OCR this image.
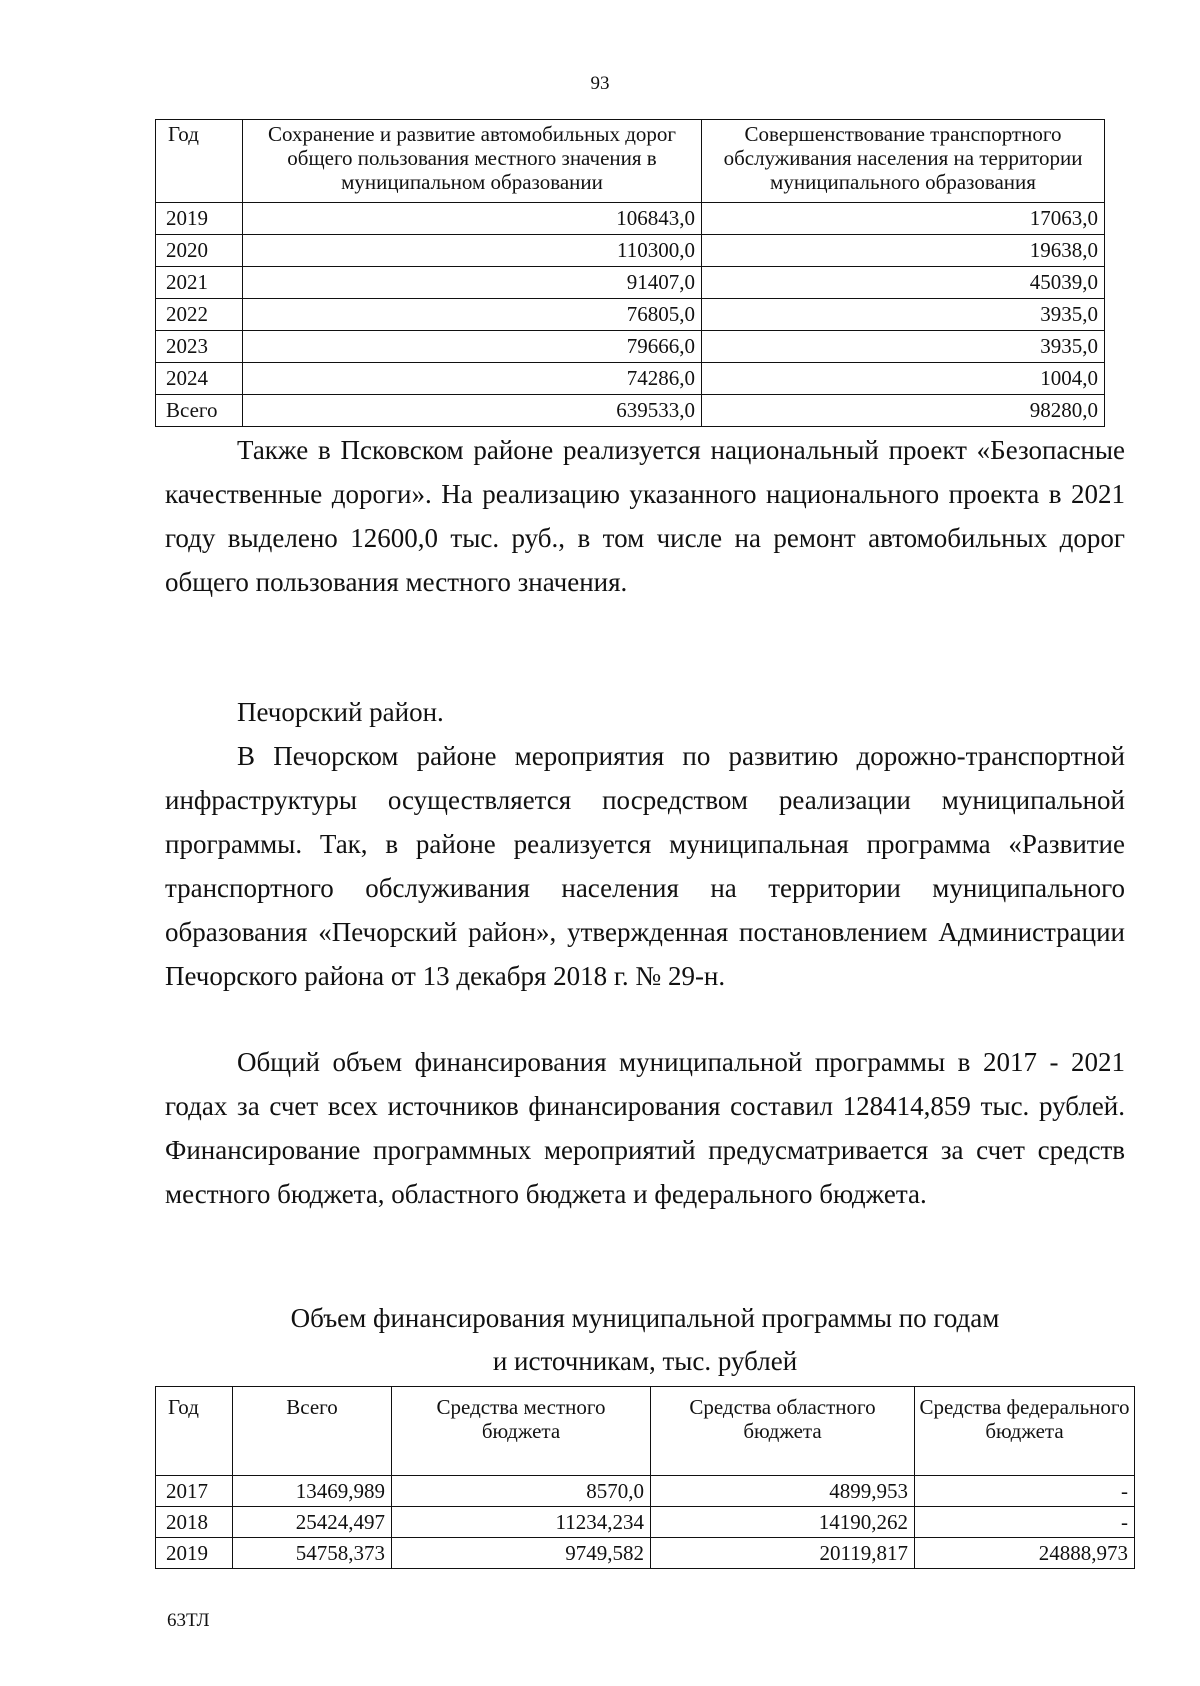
93
Год	Сохранение и развитие автомобильных дорог общего пользования местного значения в муниципальном образовании	Совершенствование транспортного обслуживания населения на территории муниципального образования
2019	106843,0	17063,0
2020	110300,0	19638,0
2021	91407,0	45039,0
2022	76805,0	3935,0
2023	79666,0	3935,0
2024	74286,0	1004,0
Всего	639533,0	98280,0
Также в Псковском районе реализуется национальный проект «Безопасные качественные дороги». На реализацию указанного национального проекта в 2021 году выделено 12600,0 тыс. руб., в том числе на ремонт автомобильных дорог общего пользования местного значения.
Печорский район.
В Печорском районе мероприятия по развитию дорожно-транспортной инфраструктуры осуществляется посредством реализации муниципальной программы. Так, в районе реализуется муниципальная программа «Развитие транспортного обслуживания населения на территории муниципального образования «Печорский район», утвержденная постановлением Администрации Печорского района от 13 декабря 2018 г. № 29-н.
Общий объем финансирования муниципальной программы в 2017 - 2021 годах за счет всех источников финансирования составил 128414,859 тыс. рублей. Финансирование программных мероприятий предусматривается за счет средств местного бюджета, областного бюджета и федерального бюджета.
Объем финансирования муниципальной программы по годам
и источникам, тыс. рублей
Год	Всего	Средства местного бюджета	Средства областного бюджета	Средства федерального бюджета
2017	13469,989	8570,0	4899,953	-
2018	25424,497	11234,234	14190,262	-
2019	54758,373	9749,582	20119,817	24888,973
63ТЛ
